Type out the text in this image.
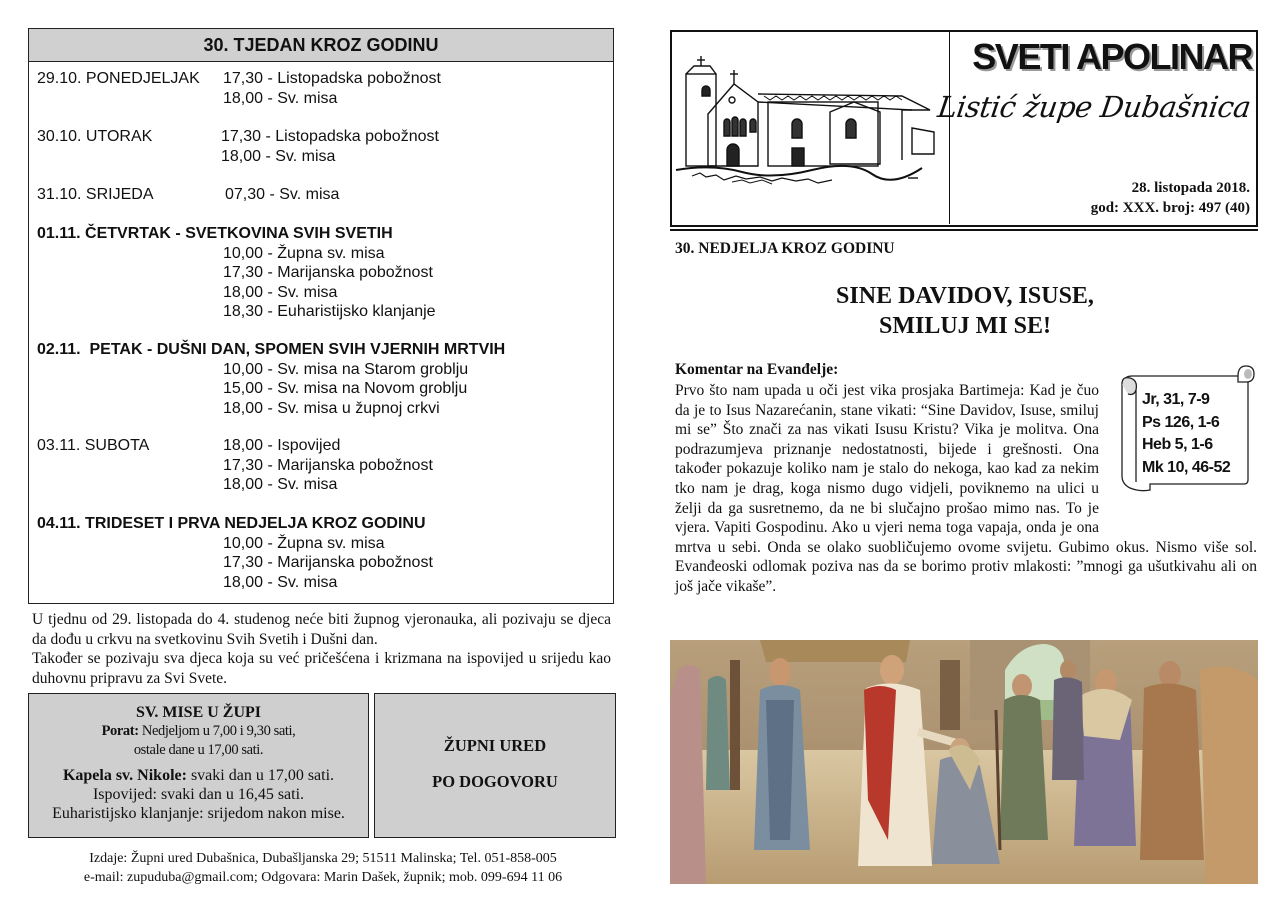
30. TJEDAN KROZ GODINU
29.10. PONEDJELJAK 17,30 - Listopadska pobožnost
18,00 - Sv. misa
30.10. UTORAK	17,30 - Listopadska pobožnost
18,00 - Sv. misa
31.10. SRIJEDA	07,30 - Sv. misa
01.11. ČETVRTAK - SVETKOVINA SVIH SVETIH
10,00 - Župna sv. misa
17,30 - Marijanska pobožnost
18,00 - Sv. misa
18,30 - Euharistijsko klanjanje
02.11.  PETAK - DUŠNI DAN, SPOMEN SVIH VJERNIH MRTVIH
10,00 - Sv. misa na Starom groblju
15,00 - Sv. misa na Novom groblju
18,00 - Sv. misa u župnoj crkvi
03.11. SUBOTA	18,00 - Ispovijed
17,30 - Marijanska pobožnost
18,00 - Sv. misa
04.11. TRIDESET I PRVA NEDJELJA KROZ GODINU
10,00 - Župna sv. misa
17,30 - Marijanska pobožnost
18,00 - Sv. misa

U tjednu od 29. listopada do 4. studenog neće biti župnog vjeronauka, ali pozivaju se djeca da dođu u crkvu na svetkovinu Svih Svetih i Dušni dan.

Također se pozivaju sva djeca koja su već pričešćena i krizmana na ispovijed u srijedu kao duhovnu pripravu za Svi Svete.

SV. MISE U ŽUPI
Porat: Nedjeljom u 7,00 i 9,30 sati,
ostale dane u 17,00 sati.
Kapela sv. Nikole: svaki dan u 17,00 sati.
Ispovijed: svaki dan u 16,45 sati.
Euharistijsko klanjanje: srijedom nakon mise.
ŽUPNI URED
PO DOGOVORU
Izdaje: Župni ured Dubašnica, Dubašljanska 29; 51511 Malinska; Tel. 051-858-005
e-mail: zupuduba@gmail.com; Odgovara: Marin Dašek, župnik; mob. 099-694 11 06
SVETI APOLINAR
Listić župe Dubašnica
28. listopada 2018.
god: XXX. broj: 497 (40)
30. NEDJELJA KROZ GODINU
SINE DAVIDOV, ISUSE,
SMILUJ MI SE!
Komentar na Evanđelje:
Prvo što nam upada u oči jest vika prosjaka Bartimeja: Kad je čuo da je to Isus Nazarećanin, stane vikati: “Sine Davidov, Isuse, smiluj mi se” Što znači za nas vikati Isusu Kristu? Vika je molitva. Ona podrazumjeva priznanje nedostatnosti, bijede i grešnosti. Ona također pokazuje koliko nam je stalo do nekoga, kao kad za nekim tko nam je drag, koga nismo dugo vidjeli, poviknemo na ulici u želji da ga susretnemo, da ne bi slučajno prošao mimo nas. To je vjera. Vapiti Gospodinu. Ako u vjeri nema toga vapaja, onda je ona mrtva u sebi. Onda se olako suobličujemo ovome svijetu. Gubimo okus. Nismo više sol. Evanđeoski odlomak poziva nas da se borimo protiv mlakosti: ”mnogi ga ušutkivahu ali on još jače vikaše”.
Jr, 31, 7-9
Ps 126, 1-6
Heb 5, 1-6
Mk 10, 46-52
